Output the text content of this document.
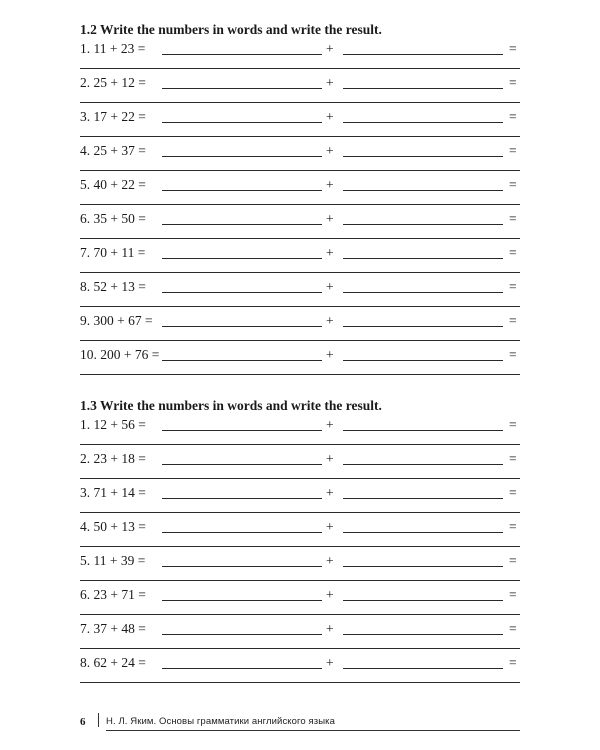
1.2 Write the numbers in words and write the result.

1. 11 + 23 =	+	=
2. 25 + 12 =	+	=
3. 17 + 22 =	+	=
4. 25 + 37 =	+	=
5. 40 + 22 =	+	=
6. 35 + 50 =	+	=
7. 70 + 11 =	+	=
8. 52 + 13 =	+	=
9. 300 + 67 =	+	=
10. 200 + 76 =	+	=

1.3 Write the numbers in words and write the result.

1. 12 + 56 =	+	=
2. 23 + 18 =	+	=
3. 71 + 14 =	+	=
4. 50 + 13 =	+	=
5. 11 + 39 =	+	=
6. 23 + 71 =	+	=
7. 37 + 48 =	+	=
8. 62 + 24 =	+	=
6 Н. Л. Яким. Основы грамматики английского языка
